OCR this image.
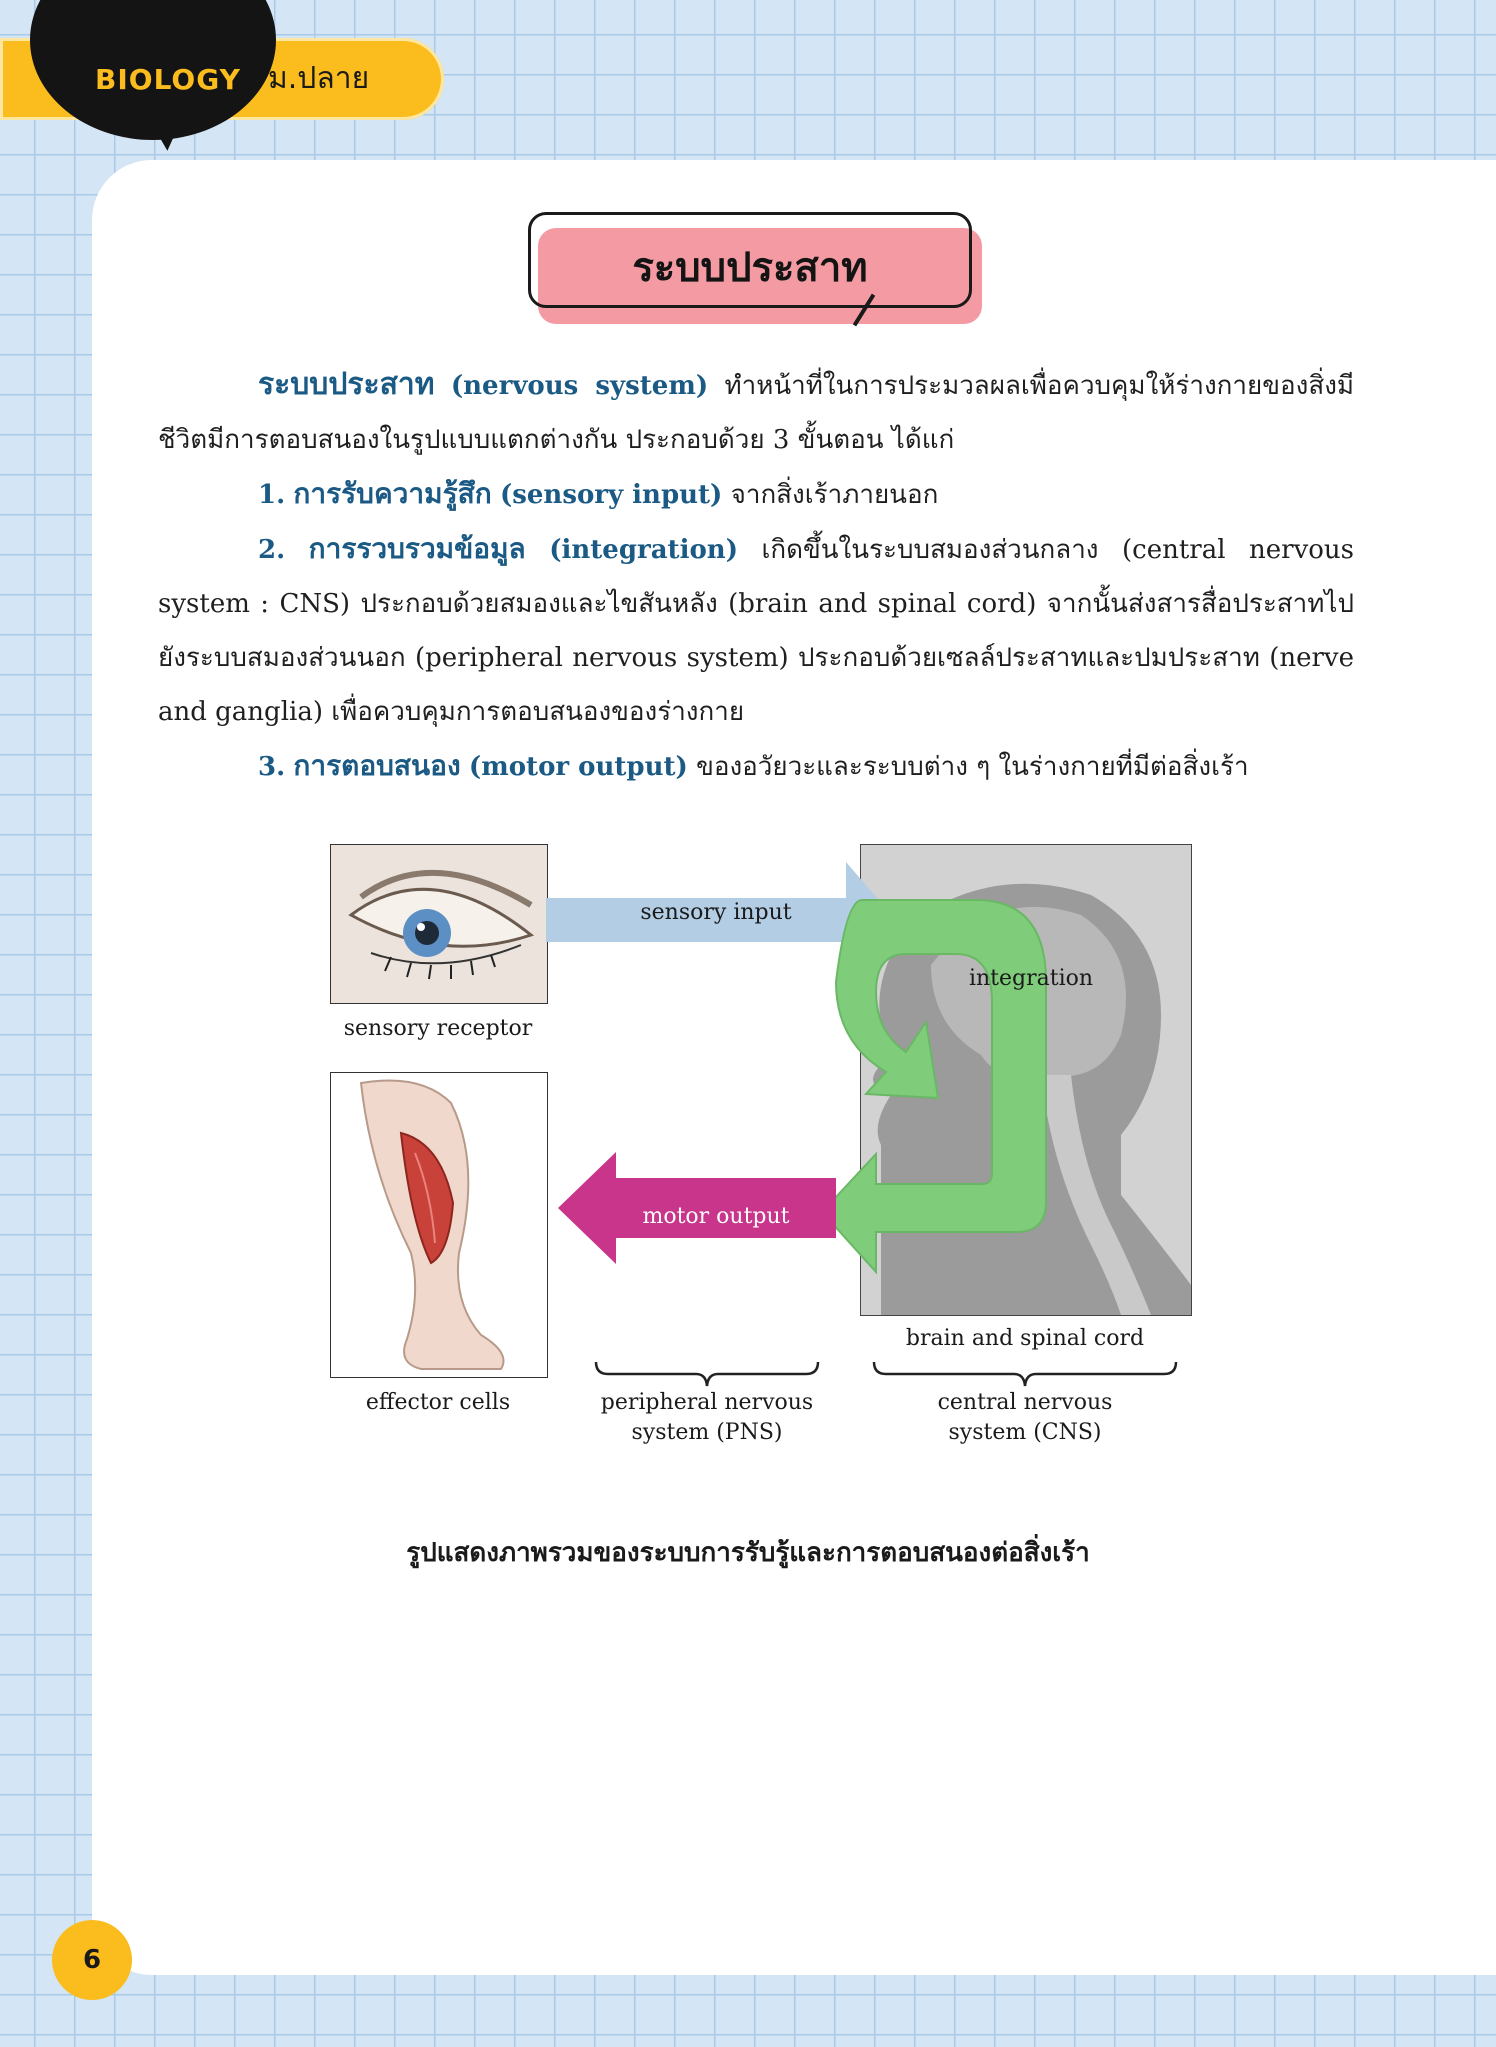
BIOLOGY ม.ปลาย
ระบบประสาท

ระบบประสาท (nervous system) ทำหน้าที่ในการประมวลผลเพื่อควบคุมให้ร่างกายของสิ่งมีชีวิตมีการตอบสนองในรูปแบบแตกต่างกัน ประกอบด้วย 3 ขั้นตอน ได้แก่

1. การรับความรู้สึก (sensory input) จากสิ่งเร้าภายนอก

2. การรวบรวมข้อมูล (integration) เกิดขึ้นในระบบสมองส่วนกลาง (central nervous system : CNS) ประกอบด้วยสมองและไขสันหลัง (brain and spinal cord) จากนั้นส่งสารสื่อประสาทไปยังระบบสมองส่วนนอก (peripheral nervous system) ประกอบด้วยเซลล์ประสาทและปมประสาท (nerve and ganglia) เพื่อควบคุมการตอบสนองของร่างกาย

3. การตอบสนอง (motor output) ของอวัยวะและระบบต่าง ๆ ในร่างกายที่มีต่อสิ่งเร้า

sensory receptor
effector cells
brain and spinal cord
sensory input
integration
motor output
peripheral nervous
system (PNS)
central nervous
system (CNS)
รูปแสดงภาพรวมของระบบการรับรู้และการตอบสนองต่อสิ่งเร้า
6
